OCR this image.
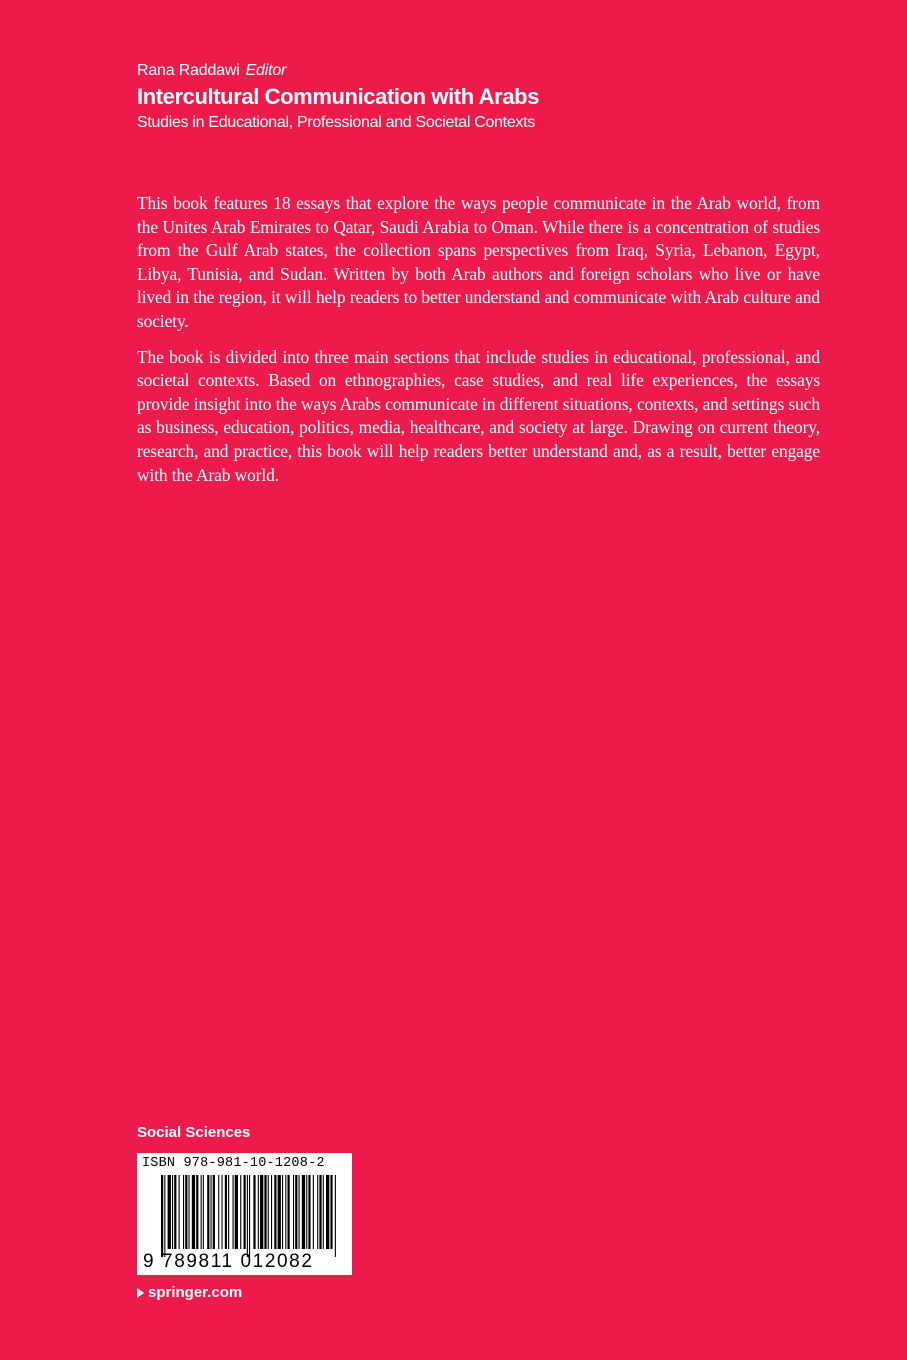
Rana Raddawi Editor
Intercultural Communication with Arabs
Studies in Educational, Professional and Societal Contexts

This book features 18 essays that explore the ways people communicate in the Arab world, from the Unites Arab Emirates to Qatar, Saudi Arabia to Oman. While there is a concentration of studies from the Gulf Arab states, the collection spans perspectives from Iraq, Syria, Lebanon, Egypt, Libya, Tunisia, and Sudan. Written by both Arab authors and foreign scholars who live or have lived in the region, it will help readers to better understand and communicate with Arab culture and society.

The book is divided into three main sections that include studies in educational, professional, and societal contexts. Based on ethnographies, case studies, and real life experiences, the essays provide insight into the ways Arabs communicate in different situations, contexts, and settings such as business, education, politics, media, healthcare, and society at large. Drawing on current theory, research, and practice, this book will help readers better understand and, as a result, better engage with the Arab world.

Social Sciences
ISBN 978-981-10-1208-2
9 789811 012082
springer.com
